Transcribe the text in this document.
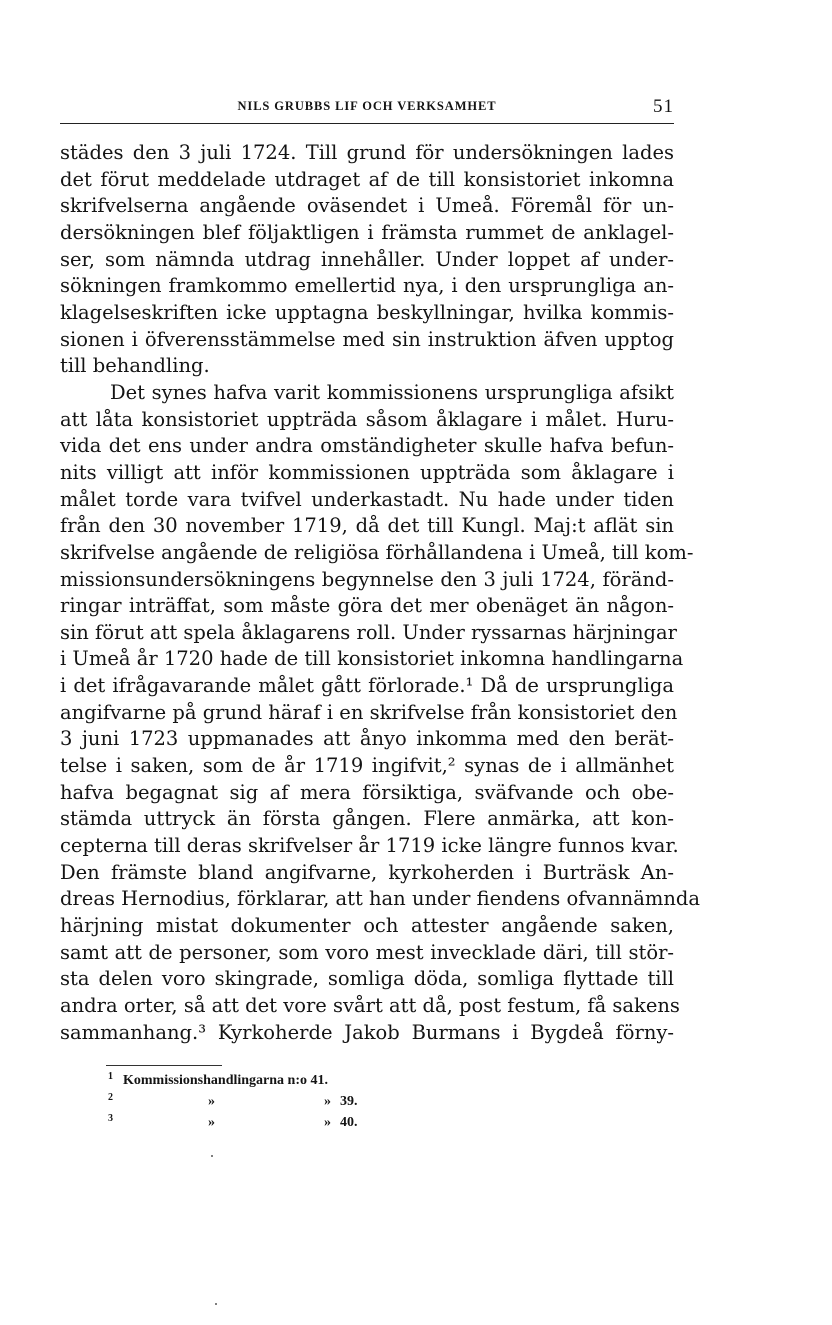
NILS GRUBBS LIF OCH VERKSAMHET	51
städes den 3 juli 1724. Till grund för undersökningen lades
det förut meddelade utdraget af de till konsistoriet inkomna
skrifvelserna angående oväsendet i Umeå. Föremål för un-
dersökningen blef följaktligen i främsta rummet de anklagel-
ser, som nämnda utdrag innehåller. Under loppet af under-
sökningen framkommo emellertid nya, i den ursprungliga an-
klagelseskriften icke upptagna beskyllningar, hvilka kommis-
sionen i öfverensstämmelse med sin instruktion äfven upptog
till behandling.
Det synes hafva varit kommissionens ursprungliga afsikt
att låta konsistoriet uppträda såsom åklagare i målet. Huru-
vida det ens under andra omständigheter skulle hafva befun-
nits villigt att inför kommissionen uppträda som åklagare i
målet torde vara tvifvel underkastadt. Nu hade under tiden
från den 30 november 1719, då det till Kungl. Maj:t aflät sin
skrifvelse angående de religiösa förhållandena i Umeå, till kom-
missionsundersökningens begynnelse den 3 juli 1724, föränd-
ringar inträffat, som måste göra det mer obenäget än någon-
sin förut att spela åklagarens roll. Under ryssarnas härjningar
i Umeå år 1720 hade de till konsistoriet inkomna handlingarna
i det ifrågavarande målet gått förlorade.¹ Då de ursprungliga
angifvarne på grund häraf i en skrifvelse från konsistoriet den
3 juni 1723 uppmanades att ånyo inkomma med den berät-
telse i saken, som de år 1719 ingifvit,² synas de i allmänhet
hafva begagnat sig af mera försiktiga, sväfvande och obe-
stämda uttryck än första gången. Flere anmärka, att kon-
cepterna till deras skrifvelser år 1719 icke längre funnos kvar.
Den främste bland angifvarne, kyrkoherden i Burträsk An-
dreas Hernodius, förklarar, att han under fiendens ofvannämnda
härjning mistat dokumenter och attester angående saken,
samt att de personer, som voro mest invecklade däri, till stör-
sta delen voro skingrade, somliga döda, somliga flyttade till
andra orter, så att det vore svårt att då, post festum, få sakens
sammanhang.³ Kyrkoherde Jakob Burmans i Bygdeå förny-
1 Kommissionshandlingarna n:o 41.
2	»	» 39.
3	»	» 40.
